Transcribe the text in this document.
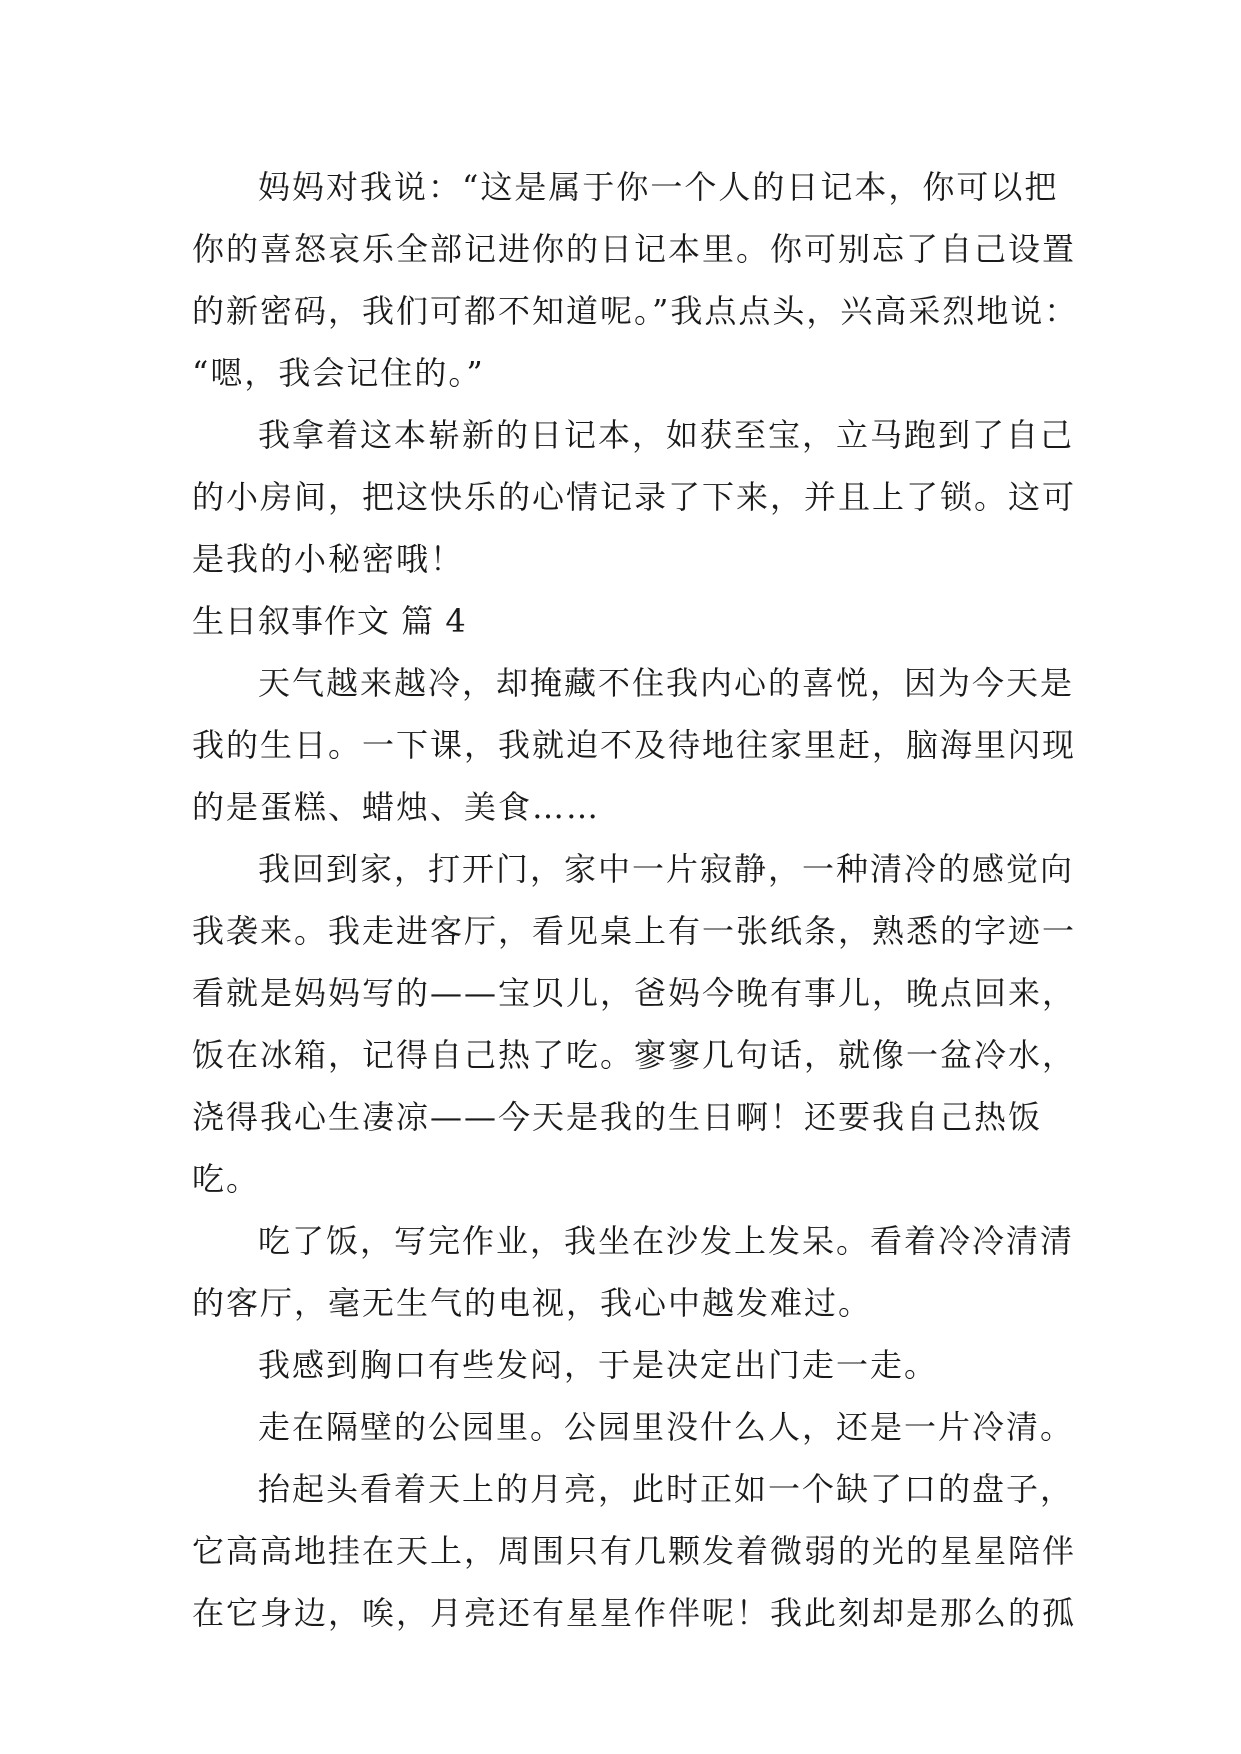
妈妈对我说：“这是属于你一个人的日记本，你可以把
你的喜怒哀乐全部记进你的日记本里。你可别忘了自己设置
的新密码，我们可都不知道呢。”我点点头，兴高采烈地说：
“嗯，我会记住的。”
我拿着这本崭新的日记本，如获至宝，立马跑到了自己
的小房间，把这快乐的心情记录了下来，并且上了锁。这可
是我的小秘密哦！
生日叙事作文 篇 4
天气越来越冷，却掩藏不住我内心的喜悦，因为今天是
我的生日。一下课，我就迫不及待地往家里赶，脑海里闪现
的是蛋糕、蜡烛、美食……
我回到家，打开门，家中一片寂静，一种清冷的感觉向
我袭来。我走进客厅，看见桌上有一张纸条，熟悉的字迹一
看就是妈妈写的——宝贝儿，爸妈今晚有事儿，晚点回来，
饭在冰箱，记得自己热了吃。寥寥几句话，就像一盆冷水，
浇得我心生凄凉——今天是我的生日啊！还要我自己热饭
吃。
吃了饭，写完作业，我坐在沙发上发呆。看着冷冷清清
的客厅，毫无生气的电视，我心中越发难过。
我感到胸口有些发闷，于是决定出门走一走。
走在隔壁的公园里。公园里没什么人，还是一片冷清。
抬起头看着天上的月亮，此时正如一个缺了口的盘子，
它高高地挂在天上，周围只有几颗发着微弱的光的星星陪伴
在它身边，唉，月亮还有星星作伴呢！我此刻却是那么的孤
